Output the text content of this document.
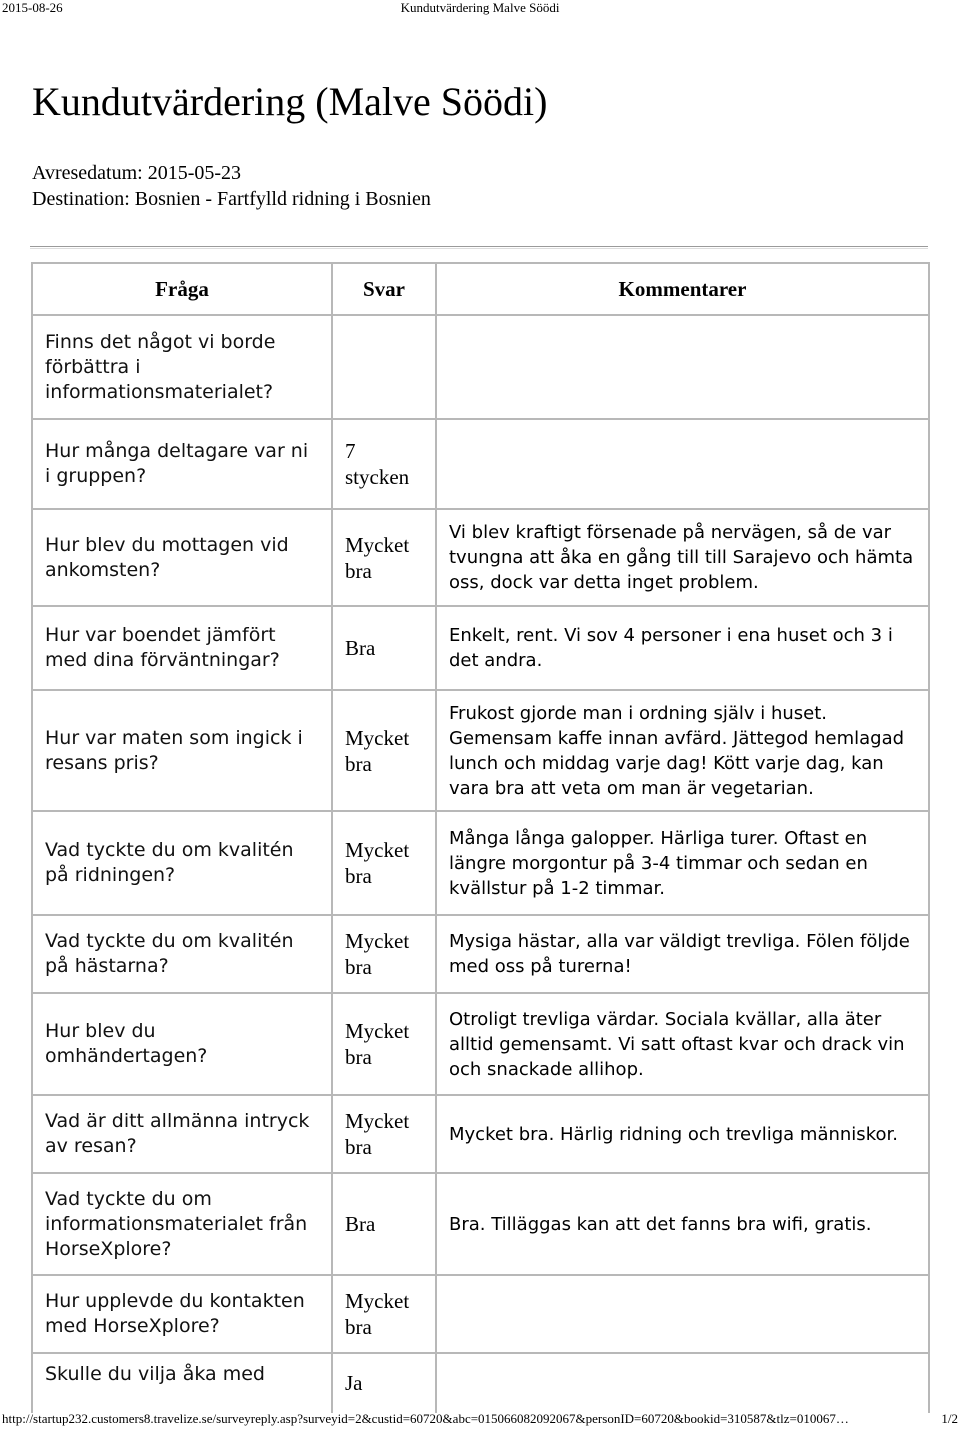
2015-08-26	Kundutvärdering Malve Söödi
Kundutvärdering (Malve Söödi)
Avresedatum: 2015-05-23
Destination: Bosnien - Fartfylld ridning i Bosnien
Fråga	Svar	Kommentarer
Finns det något vi borde förbättra i informationsmaterialet?		
Hur många deltagare var ni i gruppen?	7 stycken	
Hur blev du mottagen vid ankomsten?	Mycket bra	Vi blev kraftigt försenade på nervägen, så de var tvungna att åka en gång till till Sarajevo och hämta oss, dock var detta inget problem.
Hur var boendet jämfört med dina förväntningar?	Bra	Enkelt, rent. Vi sov 4 personer i ena huset och 3 i det andra.
Hur var maten som ingick i resans pris?	Mycket bra	Frukost gjorde man i ordning själv i huset. Gemensam kaffe innan avfärd. Jättegod hemlagad lunch och middag varje dag! Kött varje dag, kan vara bra att veta om man är vegetarian.
Vad tyckte du om kvalitén på ridningen?	Mycket bra	Många långa galopper. Härliga turer. Oftast en längre morgontur på 3-4 timmar och sedan en kvällstur på 1-2 timmar.
Vad tyckte du om kvalitén på hästarna?	Mycket bra	Mysiga hästar, alla var väldigt trevliga. Fölen följde med oss på turerna!
Hur blev du omhändertagen?	Mycket bra	Otroligt trevliga värdar. Sociala kvällar, alla äter alltid gemensamt. Vi satt oftast kvar och drack vin och snackade allihop.
Vad är ditt allmänna intryck av resan?	Mycket bra	Mycket bra. Härlig ridning och trevliga människor.
Vad tyckte du om informationsmaterialet från HorseXplore?	Bra	Bra. Tilläggas kan att det fanns bra wifi, gratis.
Hur upplevde du kontakten med HorseXplore?	Mycket bra	
Skulle du vilja åka med	Ja	
http://startup232.customers8.travelize.se/surveyreply.asp?surveyid=2&custid=60720&abc=015066082092067&personID=60720&bookid=310587&tlz=010067…	1/2
